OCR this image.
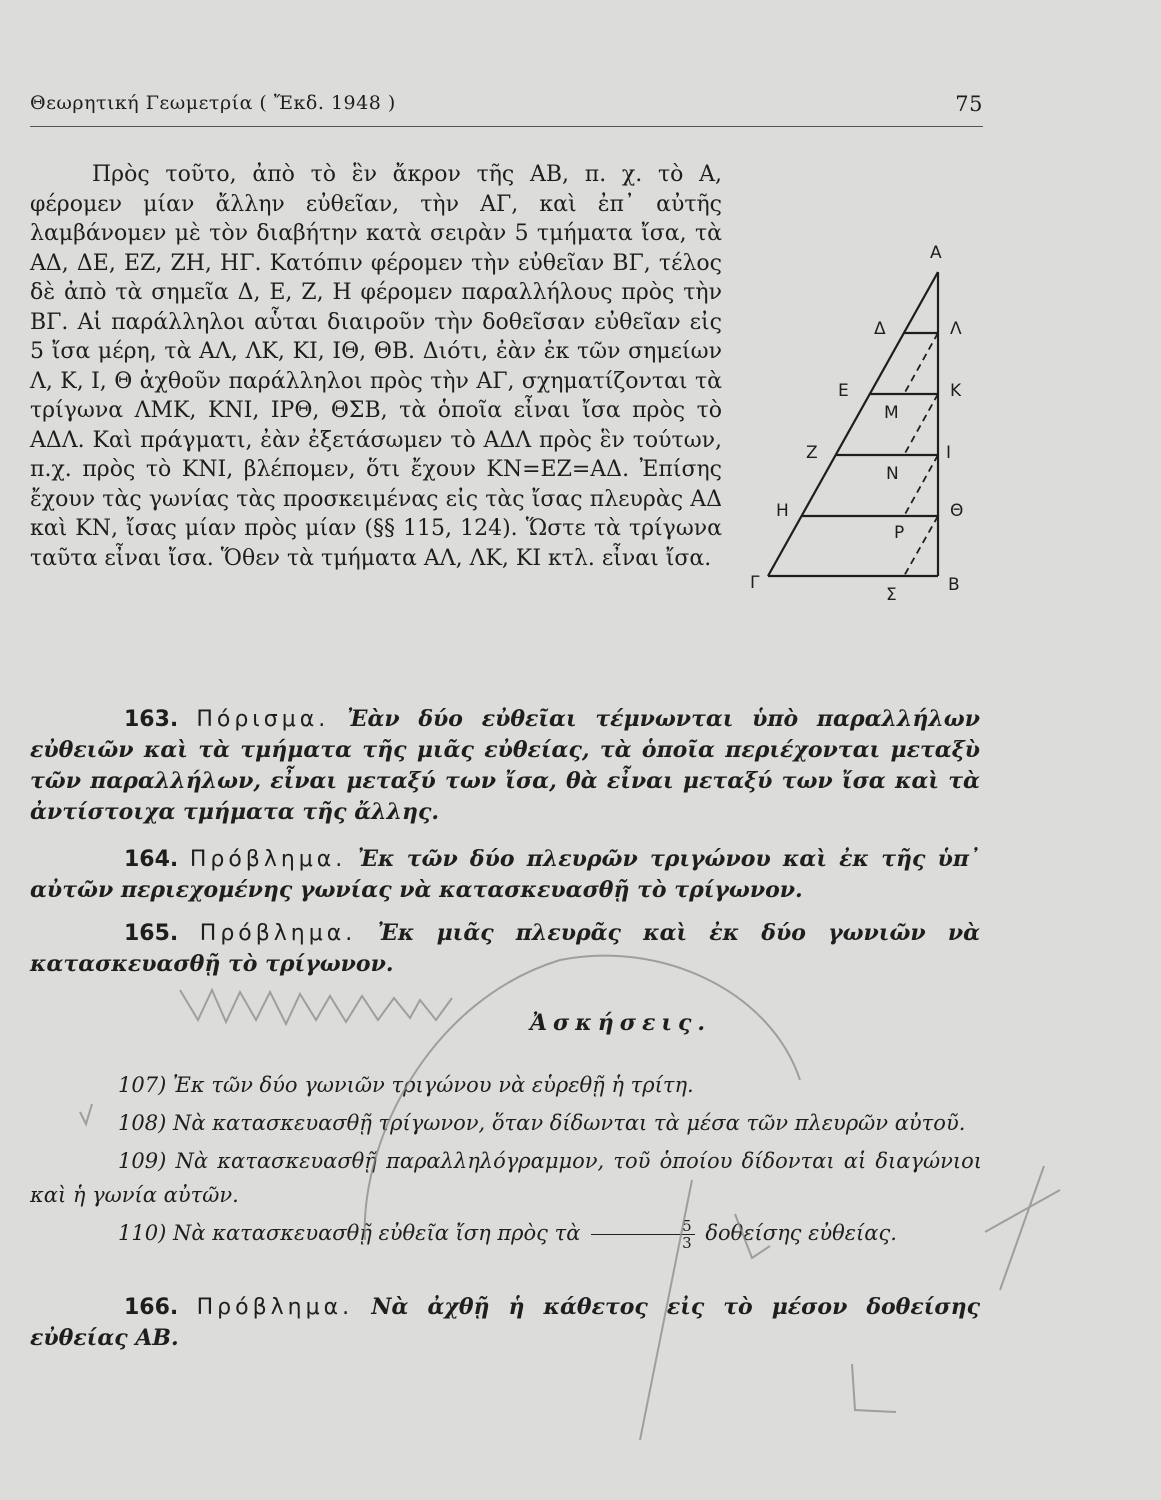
Θεωρητική Γεωμετρία ( Ἔκδ. 1948 )	75

Πρὸς τοῦτο, ἀπὸ τὸ ἓν ἄκρον τῆς ΑΒ, π. χ. τὸ Α, φέρομεν μίαν ἄλλην εὐθεῖαν, τὴν ΑΓ, καὶ ἐπ᾽ αὐτῆς λαμβάνομεν μὲ τὸν διαβήτην κατὰ σειρὰν 5 τμήματα ἴσα, τὰ ΑΔ, ΔΕ, ΕΖ, ΖΗ, ΗΓ. Κατόπιν φέρομεν τὴν εὐθεῖαν ΒΓ, τέλος δὲ ἀπὸ τὰ σημεῖα Δ, Ε, Ζ, Η φέρομεν παραλλήλους πρὸς τὴν ΒΓ. Αἱ παράλληλοι αὗται διαιροῦν τὴν δοθεῖσαν εὐθεῖαν εἰς 5 ἴσα μέρη, τὰ ΑΛ, ΛΚ, ΚΙ, ΙΘ, ΘΒ. Διότι, ἐὰν ἐκ τῶν σημείων Λ, Κ, Ι, Θ ἀχθοῦν παράλληλοι πρὸς τὴν ΑΓ, σχηματίζονται τὰ τρίγωνα ΛΜΚ, ΚΝΙ, ΙΡΘ, ΘΣΒ, τὰ ὁποῖα εἶναι ἴσα πρὸς τὸ ΑΔΛ. Καὶ πράγματι, ἐὰν ἐξετάσωμεν τὸ ΑΔΛ πρὸς ἓν τούτων, π.χ. πρὸς τὸ ΚΝΙ, βλέπομεν, ὅτι ἔχουν ΚΝ=ΕΖ=ΑΔ. Ἐπίσης ἔχουν τὰς γωνίας τὰς προσκειμένας εἰς τὰς ἴσας πλευρὰς ΑΔ καὶ ΚΝ, ἴσας μίαν πρὸς μίαν (§§ 115, 124). Ὥστε τὰ τρίγωνα ταῦτα εἶναι ἴσα. Ὅθεν τὰ τμήματα ΑΛ, ΛΚ, ΚΙ κτλ. εἶναι ἴσα.

Α
Δ	Λ
Ε	Κ
Μ
Ζ	Ι
Ν
Η	Θ
Ρ
Γ
Σ	Β

163. Πόρισμα. Ἐὰν δύο εὐθεῖαι τέμνωνται ὑπὸ παραλλήλων εὐθειῶν καὶ τὰ τμήματα τῆς μιᾶς εὐθείας, τὰ ὁποῖα περιέχονται μεταξὺ τῶν παραλλήλων, εἶναι μεταξύ των ἴσα, θὰ εἶναι μεταξύ των ἴσα καὶ τὰ ἀντίστοιχα τμήματα τῆς ἄλλης.

164. Πρόβλημα. Ἐκ τῶν δύο πλευρῶν τριγώνου καὶ ἐκ τῆς ὑπ᾽ αὐτῶν περιεχομένης γωνίας νὰ κατασκευασθῇ τὸ τρίγωνον.

165. Πρόβλημα. Ἐκ μιᾶς πλευρᾶς καὶ ἐκ δύο γωνιῶν νὰ κατασκευασθῇ τὸ τρίγωνον.

Ἀσκήσεις.

107) Ἐκ τῶν δύο γωνιῶν τριγώνου νὰ εὑρεθῇ ἡ τρίτη.

108) Νὰ κατασκευασθῇ τρίγωνον, ὅταν δίδωνται τὰ μέσα τῶν πλευρῶν αὐτοῦ.

109) Νὰ κατασκευασθῇ παραλληλόγραμμον, τοῦ ὁποίου δίδονται αἱ διαγώνιοι καὶ ἡ γωνία αὐτῶν.

110) Νὰ κατασκευασθῇ εὐθεῖα ἴση πρὸς τὰ $\frac{5}{3}$ δοθείσης εὐθείας.

166. Πρόβλημα. Νὰ ἀχθῇ ἡ κάθετος εἰς τὸ μέσον δοθείσης εὐθείας ΑΒ.
